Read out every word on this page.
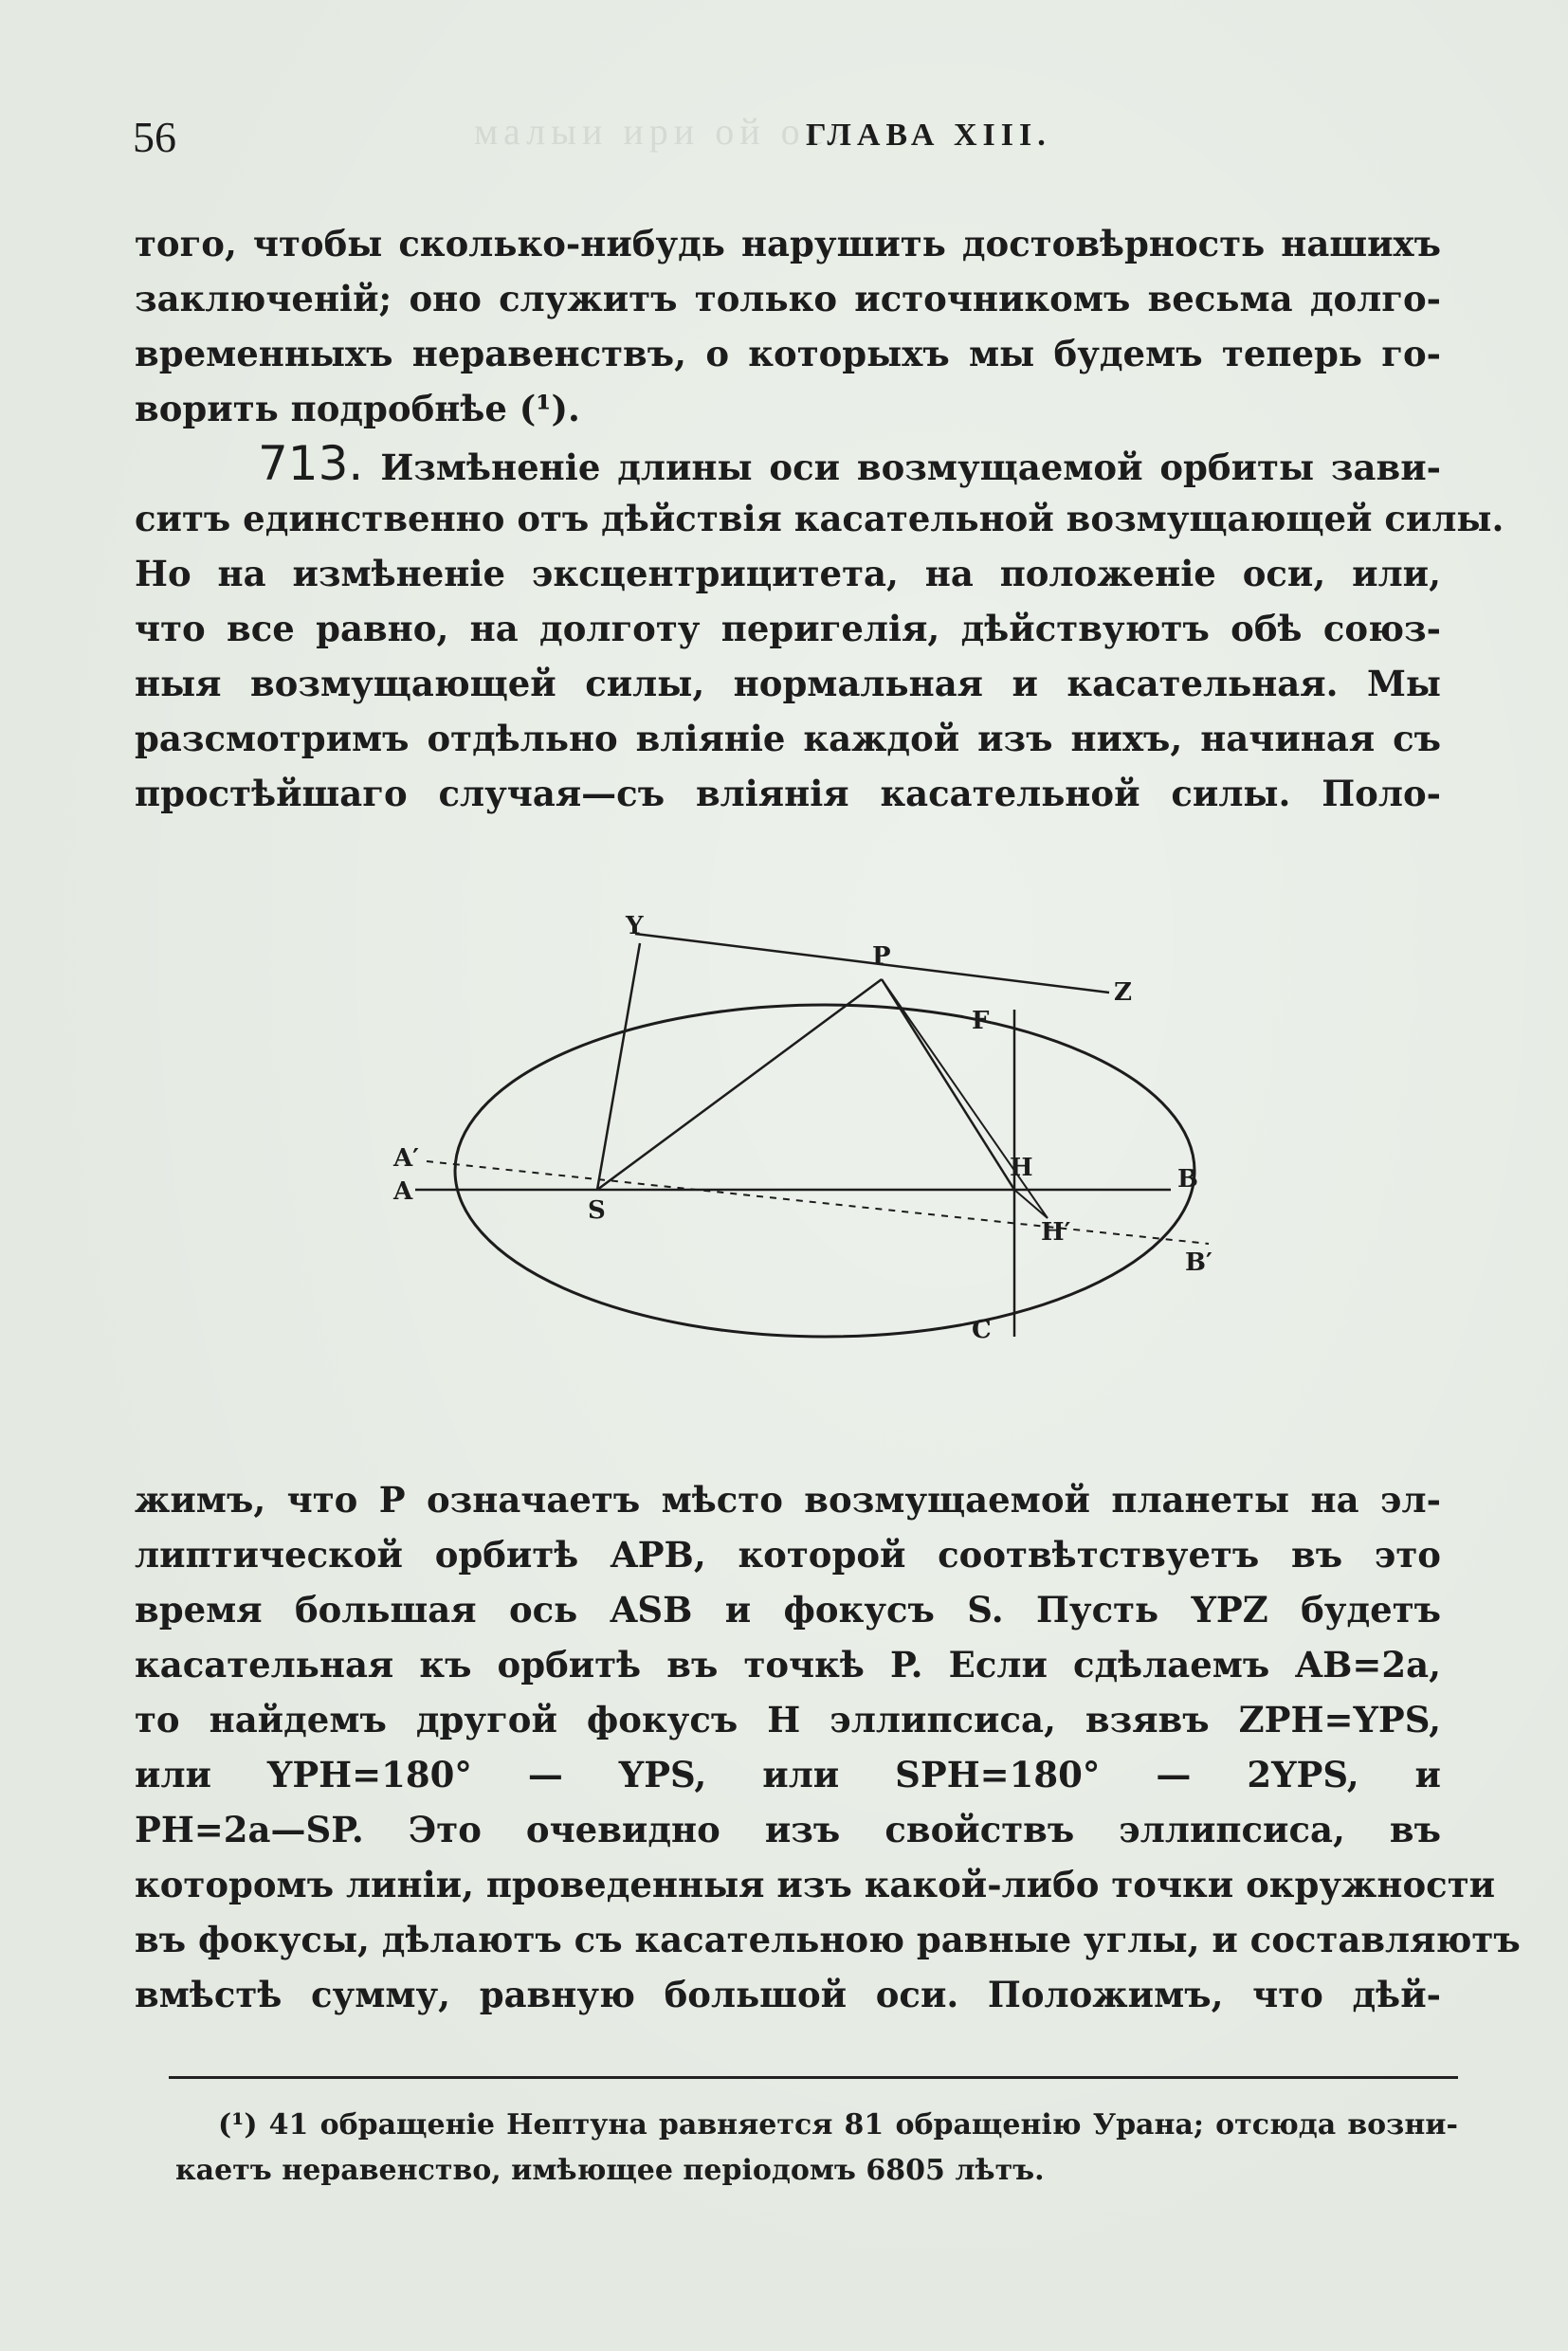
малыи ири ой оси
56	ГЛАВА XIII.
того, чтобы сколько-нибудь нарушить достовѣрность нашихъ
заключеній; оно служитъ только источникомъ весьма долго-
временныхъ неравенствъ, о которыхъ мы будемъ теперь го-
ворить подробнѣе (¹).
713. Измѣненіе длины оси возмущаемой орбиты зави-
ситъ единственно отъ дѣйствія касательной возмущающей силы.
Но на измѣненіе эксцентрицитета, на положеніе оси, или,
что все равно, на долготу перигелія, дѣйствуютъ обѣ союз-
ныя возмущающей силы, нормальная и касательная. Мы
разсмотримъ отдѣльно вліяніе каждой изъ нихъ, начиная съ
простѣйшаго случая—съ вліянія касательной силы. Поло-
Y
P
Z
F
A′
A
S
H	B
H′
B′
C
жимъ, что P означаетъ мѣсто возмущаемой планеты на эл-
липтической орбитѣ APB, которой соотвѣтствуетъ въ это
время большая ось ASB и фокусъ S. Пусть YPZ будетъ
касательная къ орбитѣ въ точкѣ P. Если сдѣлаемъ AB=2a,
то найдемъ другой фокусъ H эллипсиса, взявъ ZPH=YPS,
или YPH=180° — YPS, или SPH=180° — 2YPS, и
PH=2a—SP. Это очевидно изъ свойствъ эллипсиса, въ
которомъ линіи, проведенныя изъ какой-либо точки окружности
въ фокусы, дѣлаютъ съ касательною равные углы, и составляютъ
вмѣстѣ сумму, равную большой оси. Положимъ, что дѣй-
(¹) 41 обращеніе Нептуна равняется 81 обращенію Урана; отсюда возни-
каетъ неравенство, имѣющее періодомъ 6805 лѣтъ.
